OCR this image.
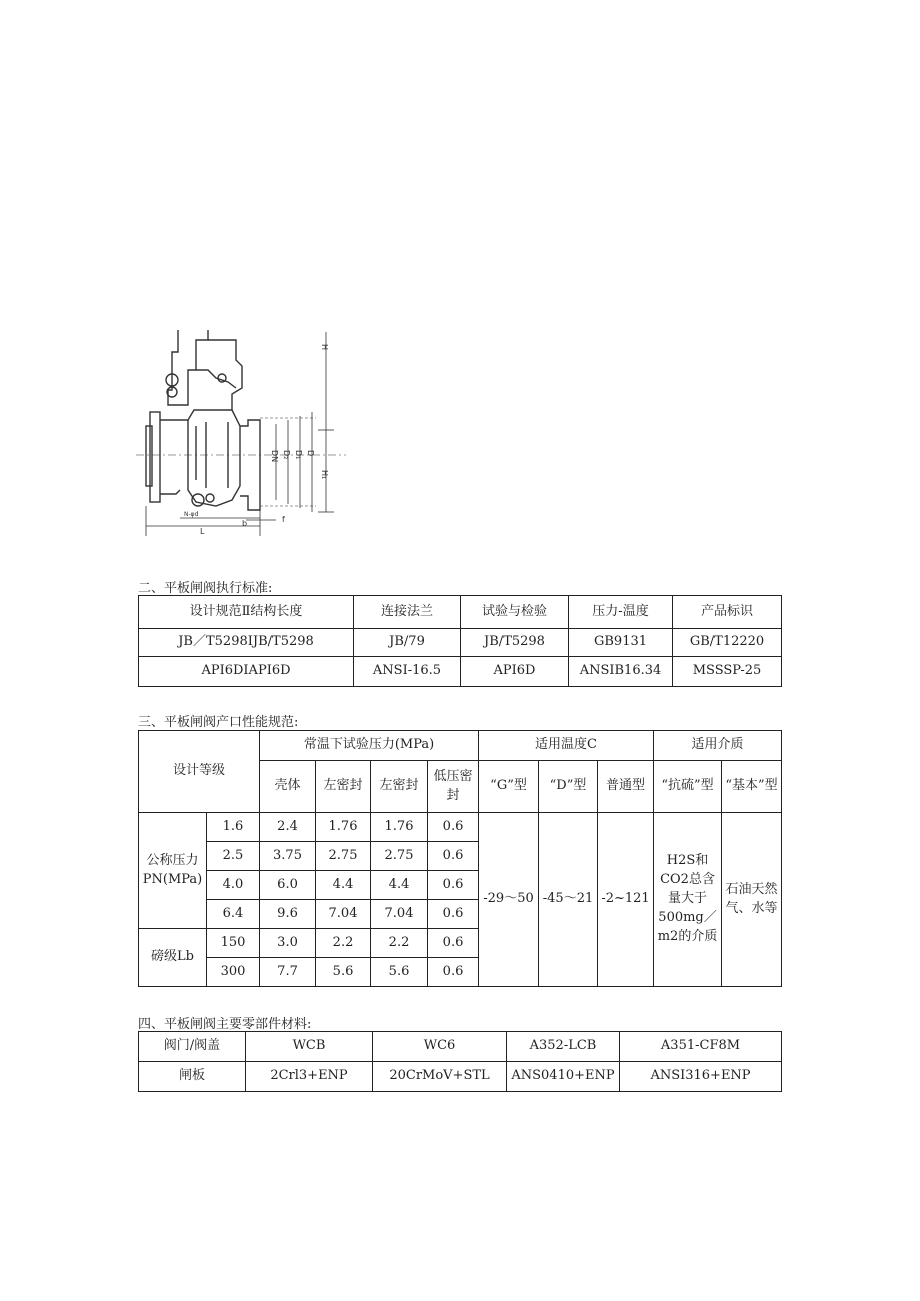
H
H₁
DN D₂ D₁ D
L
b	f
N-φd
二、平板闸阀执行标准:
设计规范Ⅱ结构长度	连接法兰	试验与检验	压力-温度	产品标识
JB／T5298IJB/T5298	JB/79	JB/T5298	GB9131	GB/T12220
API6DIAPI6D	ANSI-16.5	API6D	ANSIB16.34	MSSSP-25
三、平板闸阀产口性能规范:
设计等级		常温下试验压力(MPa)				适用温度C			适用介质	
		壳体	左密封	左密封	低压密封	“G”型	“D”型	普通型	“抗硫”型	“基本”型
公称压力PN(MPa)	1.6	2.4	1.76	1.76	0.6	-29～50	-45～21	-2~121	H2S和CO2总含量大于500mg／m2的介质	石油天然气、水等
	2.5	3.75	2.75	2.75	0.6					
	4.0	6.0	4.4	4.4	0.6					
	6.4	9.6	7.04	7.04	0.6					
磅级Lb	150	3.0	2.2	2.2	0.6					
	300	7.7	5.6	5.6	0.6					
四、平板闸阀主要零部件材料:
阀门/阀盖	WCB	WC6	A352-LCB	A351-CF8M
闸板	2Crl3+ENP	20CrMoV+STL	ANS0410+ENP	ANSI316+ENP
